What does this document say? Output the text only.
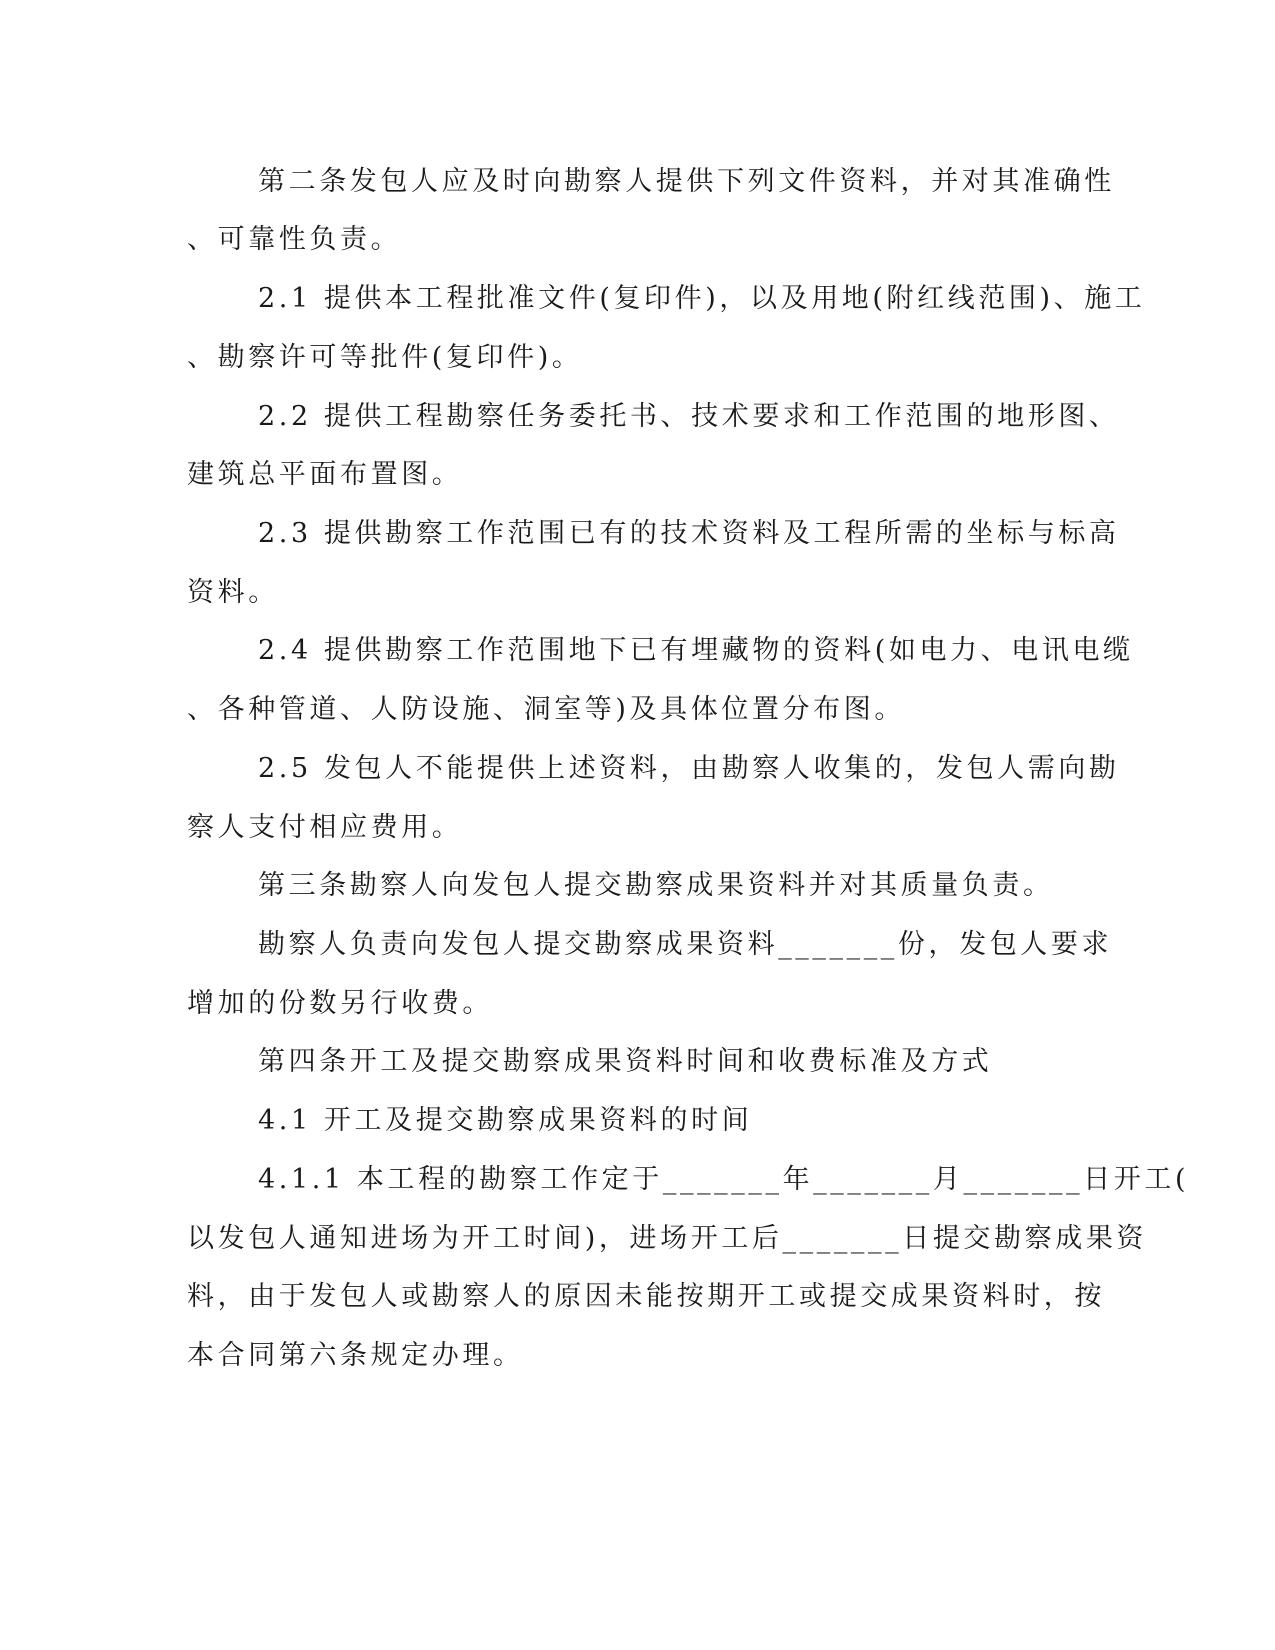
第二条发包人应及时向勘察人提供下列文件资料，并对其准确性
、可靠性负责。
2.1 提供本工程批准文件(复印件)，以及用地(附红线范围)、施工
、勘察许可等批件(复印件)。
2.2 提供工程勘察任务委托书、技术要求和工作范围的地形图、
建筑总平面布置图。
2.3 提供勘察工作范围已有的技术资料及工程所需的坐标与标高
资料。
2.4 提供勘察工作范围地下已有埋藏物的资料(如电力、电讯电缆
、各种管道、人防设施、洞室等)及具体位置分布图。
2.5 发包人不能提供上述资料，由勘察人收集的，发包人需向勘
察人支付相应费用。
第三条勘察人向发包人提交勘察成果资料并对其质量负责。
勘察人负责向发包人提交勘察成果资料_______份，发包人要求
增加的份数另行收费。
第四条开工及提交勘察成果资料时间和收费标准及方式
4.1 开工及提交勘察成果资料的时间
4.1.1 本工程的勘察工作定于_______年_______月_______日开工(
以发包人通知进场为开工时间)，进场开工后_______日提交勘察成果资
料，由于发包人或勘察人的原因未能按期开工或提交成果资料时，按
本合同第六条规定办理。
